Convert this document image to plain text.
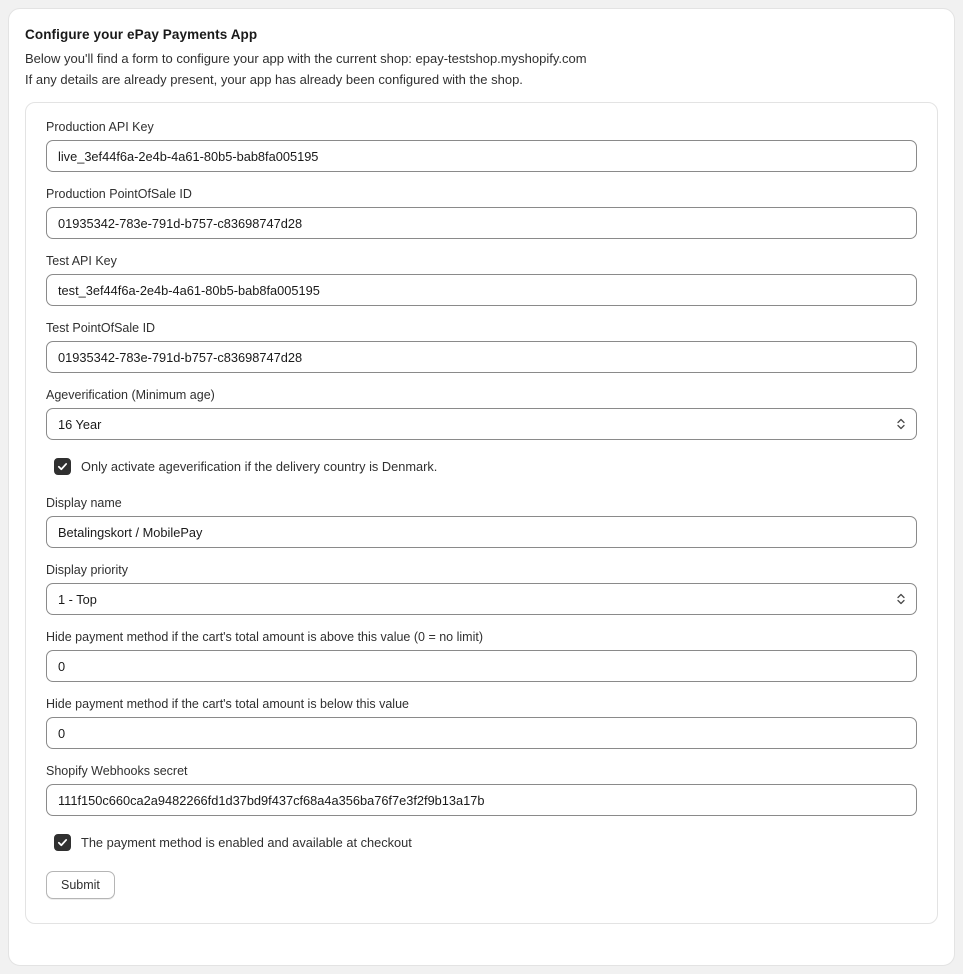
Configure your ePay Payments App
Below you'll find a form to configure your app with the current shop: epay-testshop.myshopify.com
If any details are already present, your app has already been configured with the shop.
Production API Key
live_3ef44f6a-2e4b-4a61-80b5-bab8fa005195
Production PointOfSale ID
01935342-783e-791d-b757-c83698747d28
Test API Key
test_3ef44f6a-2e4b-4a61-80b5-bab8fa005195
Test PointOfSale ID
01935342-783e-791d-b757-c83698747d28
Ageverification (Minimum age)
16 Year
Only activate ageverification if the delivery country is Denmark.
Display name
Betalingskort / MobilePay
Display priority
1 - Top
Hide payment method if the cart's total amount is above this value (0 = no limit)
0
Hide payment method if the cart's total amount is below this value
0
Shopify Webhooks secret
111f150c660ca2a9482266fd1d37bd9f437cf68a4a356ba76f7e3f2f9b13a17b
The payment method is enabled and available at checkout
Submit
